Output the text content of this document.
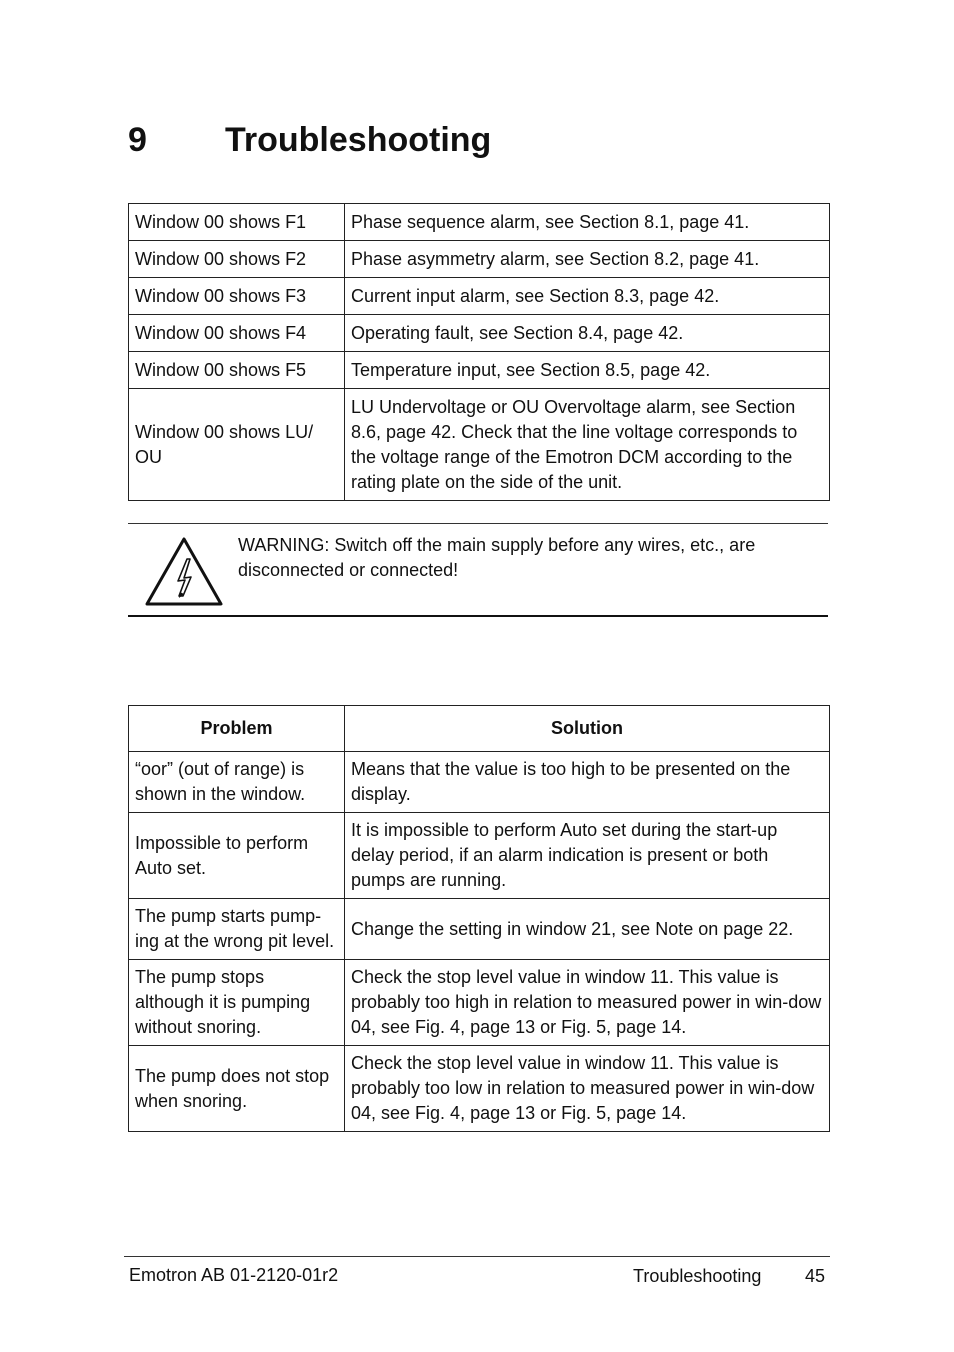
9 Troubleshooting
Window 00 shows F1	Phase sequence alarm, see Section 8.1, page 41.
Window 00 shows F2	Phase asymmetry alarm, see Section 8.2, page 41.
Window 00 shows F3	Current input alarm, see Section 8.3, page 42.
Window 00 shows F4	Operating fault, see Section 8.4, page 42.
Window 00 shows F5	Temperature input, see Section 8.5, page 42.
Window 00 shows LU/ OU	LU Undervoltage or OU Overvoltage alarm, see Section 8.6, page 42. Check that the line voltage corresponds to the voltage range of the Emotron DCM according to the rating plate on the side of the unit.
WARNING: Switch off the main supply before any wires, etc., are disconnected or connected!
Problem	Solution
“oor” (out of range) is shown in the window.	Means that the value is too high to be presented on the display.
Impossible to perform Auto set.	It is impossible to perform Auto set during the start-up delay period, if an alarm indication is present or both pumps are running.
The pump starts pump-ing at the wrong pit level.	Change the setting in window 21, see Note on page 22.
The pump stops although it is pumping without snoring.	Check the stop level value in window 11. This value is probably too high in relation to measured power in win-dow 04, see Fig. 4, page 13 or Fig. 5, page 14.
The pump does not stop when snoring.	Check the stop level value in window 11. This value is probably too low in relation to measured power in win-dow 04, see Fig. 4, page 13 or Fig. 5, page 14.
Emotron AB 01-2120-01r2	Troubleshooting 45
